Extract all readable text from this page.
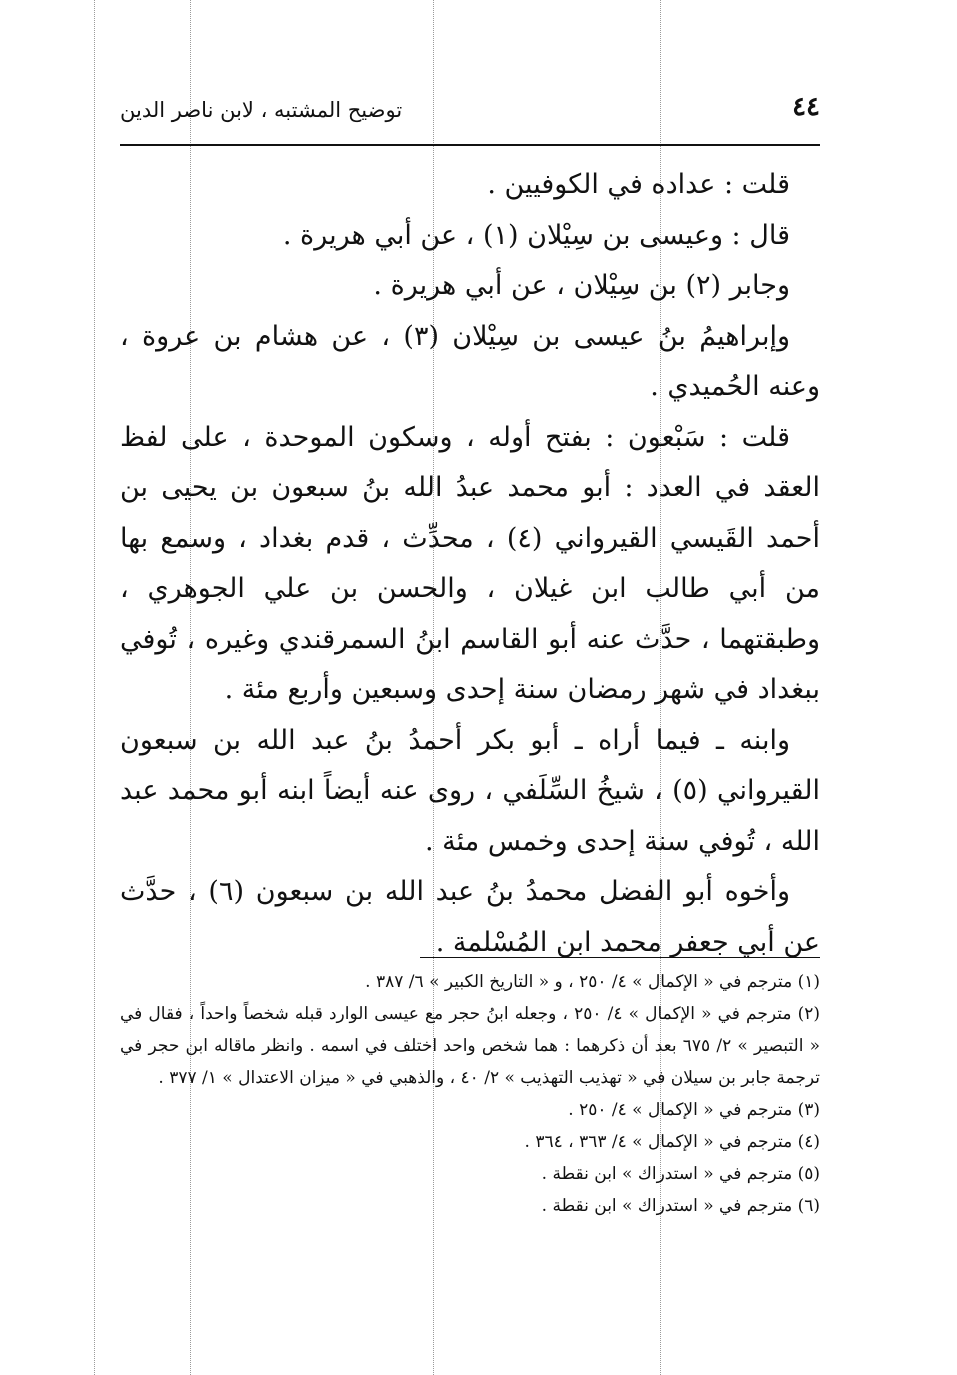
٤٤
توضيح المشتبه ، لابن ناصر الدين

قلت : عداده في الكوفيين .

قال : وعيسى بن سِيْلان (١) ، عن أبي هريرة .

وجابر (٢) بن سِيْلان ، عن أبي هريرة .

وإبراهيمُ بنُ عيسى بن سِيْلان (٣) ، عن هشام بن عروة ، وعنه الحُميدي .

قلت : سَبْعون : بفتح أوله ، وسكون الموحدة ، على لفظ العقد في العدد : أبو محمد عبدُ الله بنُ سبعون بن يحيى بن أحمد القَيسي القيرواني (٤) ، محدِّث ، قدم بغداد ، وسمع بها من أبي طالب ابن غيلان ، والحسن بن علي الجوهري ، وطبقتهما ، حدَّث عنه أبو القاسم ابنُ السمرقندي وغيره ، تُوفي ببغداد في شهر رمضان سنة إحدى وسبعين وأربع مئة .

وابنه ـ فيما أراه ـ أبو بكر أحمدُ بنُ عبد الله بن سبعون القيرواني (٥) ، شيخُ السِّلَفي ، روى عنه أيضاً ابنه أبو محمد عبد الله ، تُوفي سنة إحدى وخمس مئة .

وأخوه أبو الفضل محمدُ بنُ عبد الله بن سبعون (٦) ، حدَّث عن أبي جعفر محمد ابن المُسْلمة .

(١) مترجم في « الإكمال » ٤/ ٢٥٠ ، و « التاريخ الكبير » ٦/ ٣٨٧ .

(٢) مترجم في « الإكمال » ٤/ ٢٥٠ ، وجعله ابنُ حجر مع عيسى الوارد قبله شخصاً واحداً ، فقال في « التبصير » ٢/ ٦٧٥ بعد أن ذكرهما : هما شخص واحد اختلف في اسمه . وانظر ماقاله ابن حجر في ترجمة جابر بن سيلان في « تهذيب التهذيب » ٢/ ٤٠ ، والذهبي في « ميزان الاعتدال » ١/ ٣٧٧ .

(٣) مترجم في « الإكمال » ٤/ ٢٥٠ .

(٤) مترجم في « الإكمال » ٤/ ٣٦٣ ، ٣٦٤ .

(٥) مترجم في « استدراك » ابن نقطة .

(٦) مترجم في « استدراك » ابن نقطة .
